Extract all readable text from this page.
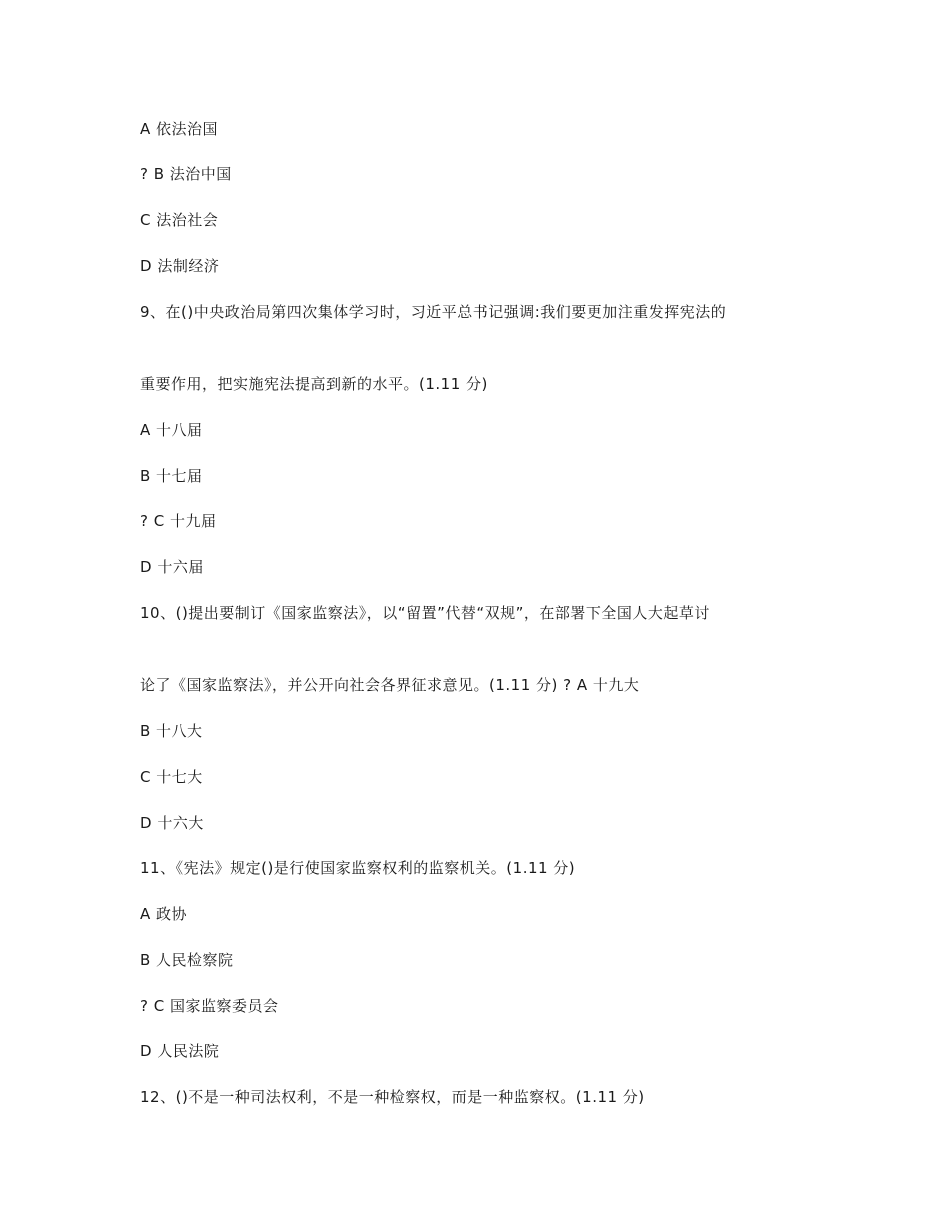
A 依法治国
? B 法治中国
C 法治社会
D 法制经济
9、在()中央政治局第四次集体学习时，习近平总书记强调:我们要更加注重发挥宪法的
重要作用，把实施宪法提高到新的水平。(1.11 分)
A 十八届
B 十七届
? C 十九届
D 十六届
10、()提出要制订《国家监察法》，以“留置”代替“双规”，在部署下全国人大起草讨
论了《国家监察法》，并公开向社会各界征求意见。(1.11 分) ? A 十九大
B 十八大
C 十七大
D 十六大
11、《宪法》规定()是行使国家监察权利的监察机关。(1.11 分)
A 政协
B 人民检察院
? C 国家监察委员会
D 人民法院
12、()不是一种司法权利，不是一种检察权，而是一种监察权。(1.11 分)
